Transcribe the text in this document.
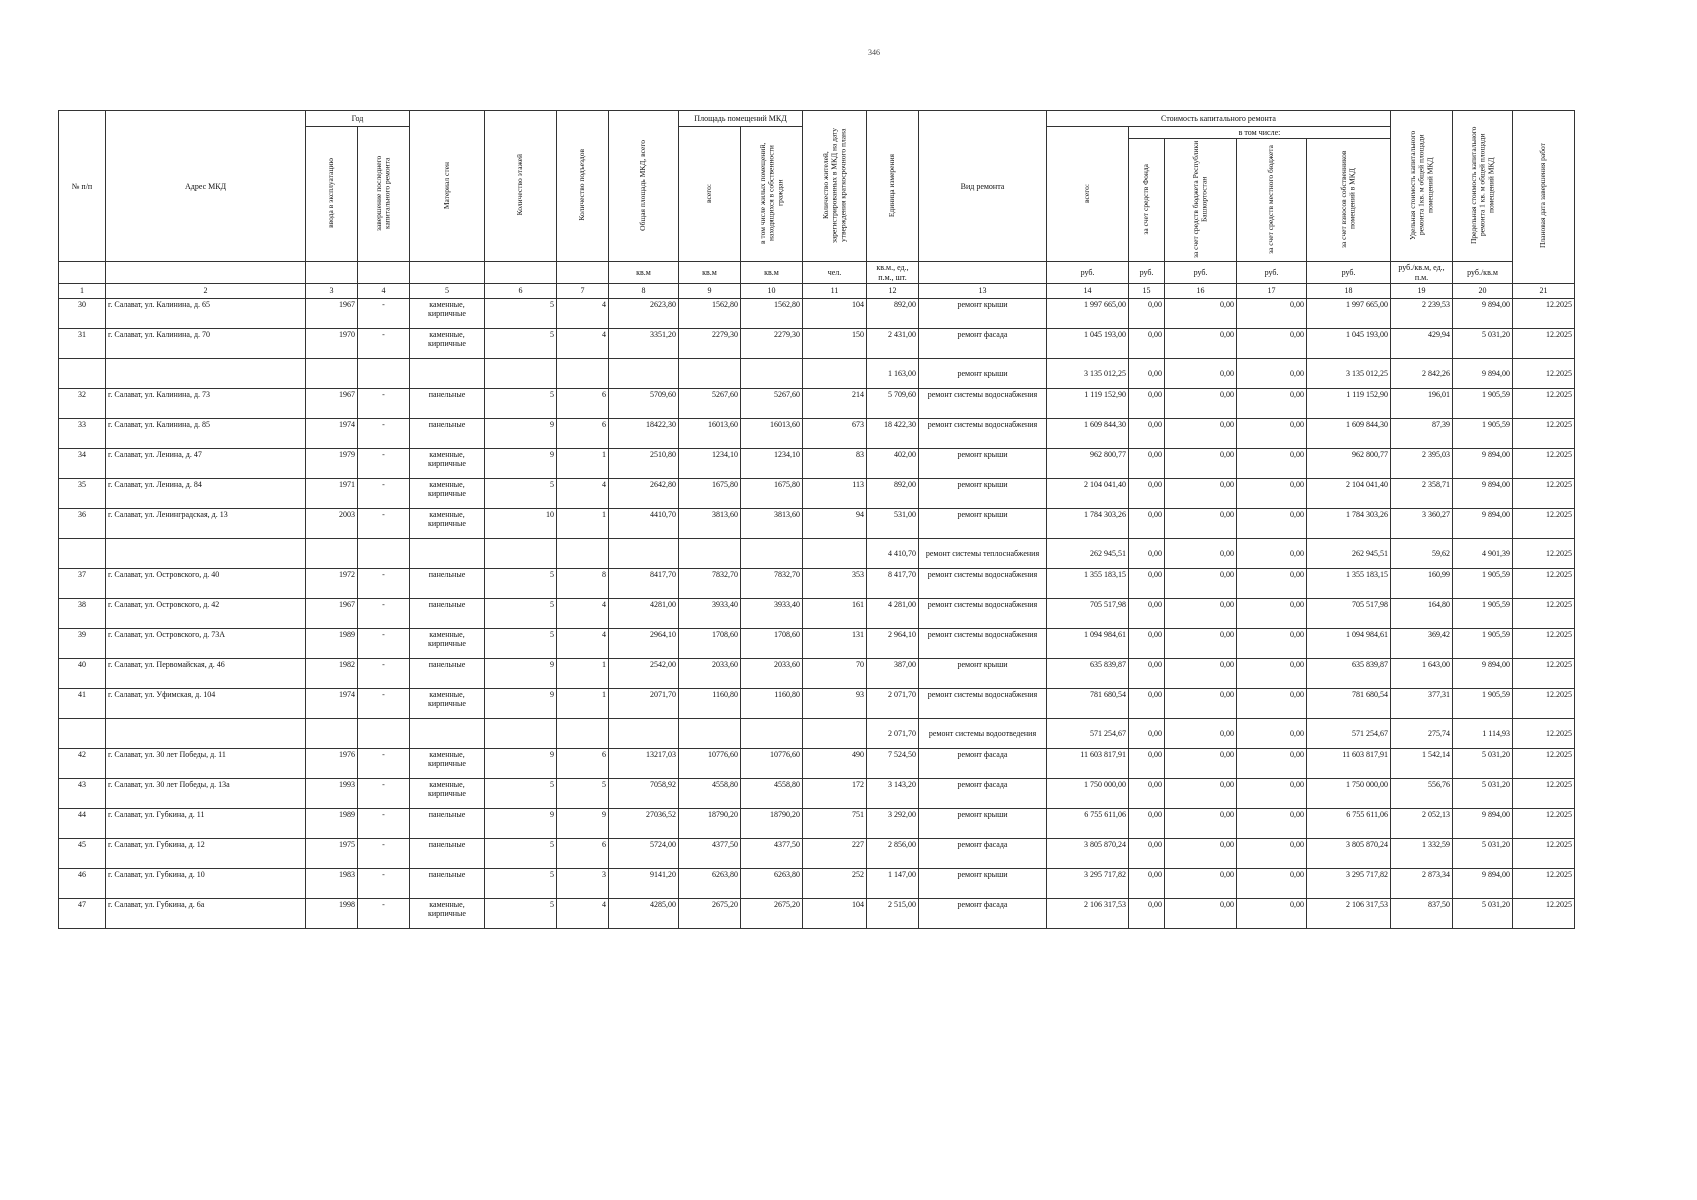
346
№ п/п	Адрес МКД	Год		Материал стен	Количество этажей	Количество подъездов	Общая площадь МКД, всего	Площадь помещений МКД		Количество жителей, зарегистрированных в МКД на дату утверждения краткосрочного плана	Единица измерения	Вид ремонта	Стоимость капитального ремонта					Удельная стоимость капитального ремонта 1кв. м общей площади помещений МКД	Предельная стоимость капитального ремонта 1 кв. м общей площади помещений МКД	Плановая дата завершения работ
		ввода в эксплуатацию	завершение последнего капитального ремонта					всего:	в том числе жилых помещений, находящихся в собственности граждан				всего:	в том числе:						
														за счет средств Фонда	за счет средств бюджета Республики Башкортостан	за счет средств местного бюджета	за счет взносов собственников помещений в МКД			
							кв.м	кв.м	кв.м	чел.	кв.м., ед., п.м., шт.		руб.	руб.	руб.	руб.	руб.	руб./кв.м, ед., п.м.	руб./кв.м	
1	2	3	4	5	6	7	8	9	10	11	12	13	14	15	16	17	18	19	20	21
30	г. Салават, ул. Калинина, д. 65	1967	-	каменные, кирпичные	5	4	2623,80	1562,80	1562,80	104	892,00	ремонт крыши	1 997 665,00	0,00	0,00	0,00	1 997 665,00	2 239,53	9 894,00	12.2025
31	г. Салават, ул. Калинина, д. 70	1970	-	каменные, кирпичные	5	4	3351,20	2279,30	2279,30	150	2 431,00	ремонт фасада	1 045 193,00	0,00	0,00	0,00	1 045 193,00	429,94	5 031,20	12.2025
											1 163,00	ремонт крыши	3 135 012,25	0,00	0,00	0,00	3 135 012,25	2 842,26	9 894,00	12.2025
32	г. Салават, ул. Калинина, д. 73	1967	-	панельные	5	6	5709,60	5267,60	5267,60	214	5 709,60	ремонт системы водоснабжения	1 119 152,90	0,00	0,00	0,00	1 119 152,90	196,01	1 905,59	12.2025
33	г. Салават, ул. Калинина, д. 85	1974	-	панельные	9	6	18422,30	16013,60	16013,60	673	18 422,30	ремонт системы водоснабжения	1 609 844,30	0,00	0,00	0,00	1 609 844,30	87,39	1 905,59	12.2025
34	г. Салават, ул. Ленина, д. 47	1979	-	каменные, кирпичные	9	1	2510,80	1234,10	1234,10	83	402,00	ремонт крыши	962 800,77	0,00	0,00	0,00	962 800,77	2 395,03	9 894,00	12.2025
35	г. Салават, ул. Ленина, д. 84	1971	-	каменные, кирпичные	5	4	2642,80	1675,80	1675,80	113	892,00	ремонт крыши	2 104 041,40	0,00	0,00	0,00	2 104 041,40	2 358,71	9 894,00	12.2025
36	г. Салават, ул. Ленинградская, д. 13	2003	-	каменные, кирпичные	10	1	4410,70	3813,60	3813,60	94	531,00	ремонт крыши	1 784 303,26	0,00	0,00	0,00	1 784 303,26	3 360,27	9 894,00	12.2025
											4 410,70	ремонт системы теплоснабжения	262 945,51	0,00	0,00	0,00	262 945,51	59,62	4 901,39	12.2025
37	г. Салават, ул. Островского, д. 40	1972	-	панельные	5	8	8417,70	7832,70	7832,70	353	8 417,70	ремонт системы водоснабжения	1 355 183,15	0,00	0,00	0,00	1 355 183,15	160,99	1 905,59	12.2025
38	г. Салават, ул. Островского, д. 42	1967	-	панельные	5	4	4281,00	3933,40	3933,40	161	4 281,00	ремонт системы водоснабжения	705 517,98	0,00	0,00	0,00	705 517,98	164,80	1 905,59	12.2025
39	г. Салават, ул. Островского, д. 73А	1989	-	каменные, кирпичные	5	4	2964,10	1708,60	1708,60	131	2 964,10	ремонт системы водоснабжения	1 094 984,61	0,00	0,00	0,00	1 094 984,61	369,42	1 905,59	12.2025
40	г. Салават, ул. Первомайская, д. 46	1982	-	панельные	9	1	2542,00	2033,60	2033,60	70	387,00	ремонт крыши	635 839,87	0,00	0,00	0,00	635 839,87	1 643,00	9 894,00	12.2025
41	г. Салават, ул. Уфимская, д. 104	1974	-	каменные, кирпичные	9	1	2071,70	1160,80	1160,80	93	2 071,70	ремонт системы водоснабжения	781 680,54	0,00	0,00	0,00	781 680,54	377,31	1 905,59	12.2025
											2 071,70	ремонт системы водоотведения	571 254,67	0,00	0,00	0,00	571 254,67	275,74	1 114,93	12.2025
42	г. Салават, ул. 30 лет Победы, д. 11	1976	-	каменные, кирпичные	9	6	13217,03	10776,60	10776,60	490	7 524,50	ремонт фасада	11 603 817,91	0,00	0,00	0,00	11 603 817,91	1 542,14	5 031,20	12.2025
43	г. Салават, ул. 30 лет Победы, д. 13а	1993	-	каменные, кирпичные	5	5	7058,92	4558,80	4558,80	172	3 143,20	ремонт фасада	1 750 000,00	0,00	0,00	0,00	1 750 000,00	556,76	5 031,20	12.2025
44	г. Салават, ул. Губкина, д. 11	1989	-	панельные	9	9	27036,52	18790,20	18790,20	751	3 292,00	ремонт крыши	6 755 611,06	0,00	0,00	0,00	6 755 611,06	2 052,13	9 894,00	12.2025
45	г. Салават, ул. Губкина, д. 12	1975	-	панельные	5	6	5724,00	4377,50	4377,50	227	2 856,00	ремонт фасада	3 805 870,24	0,00	0,00	0,00	3 805 870,24	1 332,59	5 031,20	12.2025
46	г. Салават, ул. Губкина, д. 10	1983	-	панельные	5	3	9141,20	6263,80	6263,80	252	1 147,00	ремонт крыши	3 295 717,82	0,00	0,00	0,00	3 295 717,82	2 873,34	9 894,00	12.2025
47	г. Салават, ул. Губкина, д. 6а	1998	-	каменные, кирпичные	5	4	4285,00	2675,20	2675,20	104	2 515,00	ремонт фасада	2 106 317,53	0,00	0,00	0,00	2 106 317,53	837,50	5 031,20	12.2025
